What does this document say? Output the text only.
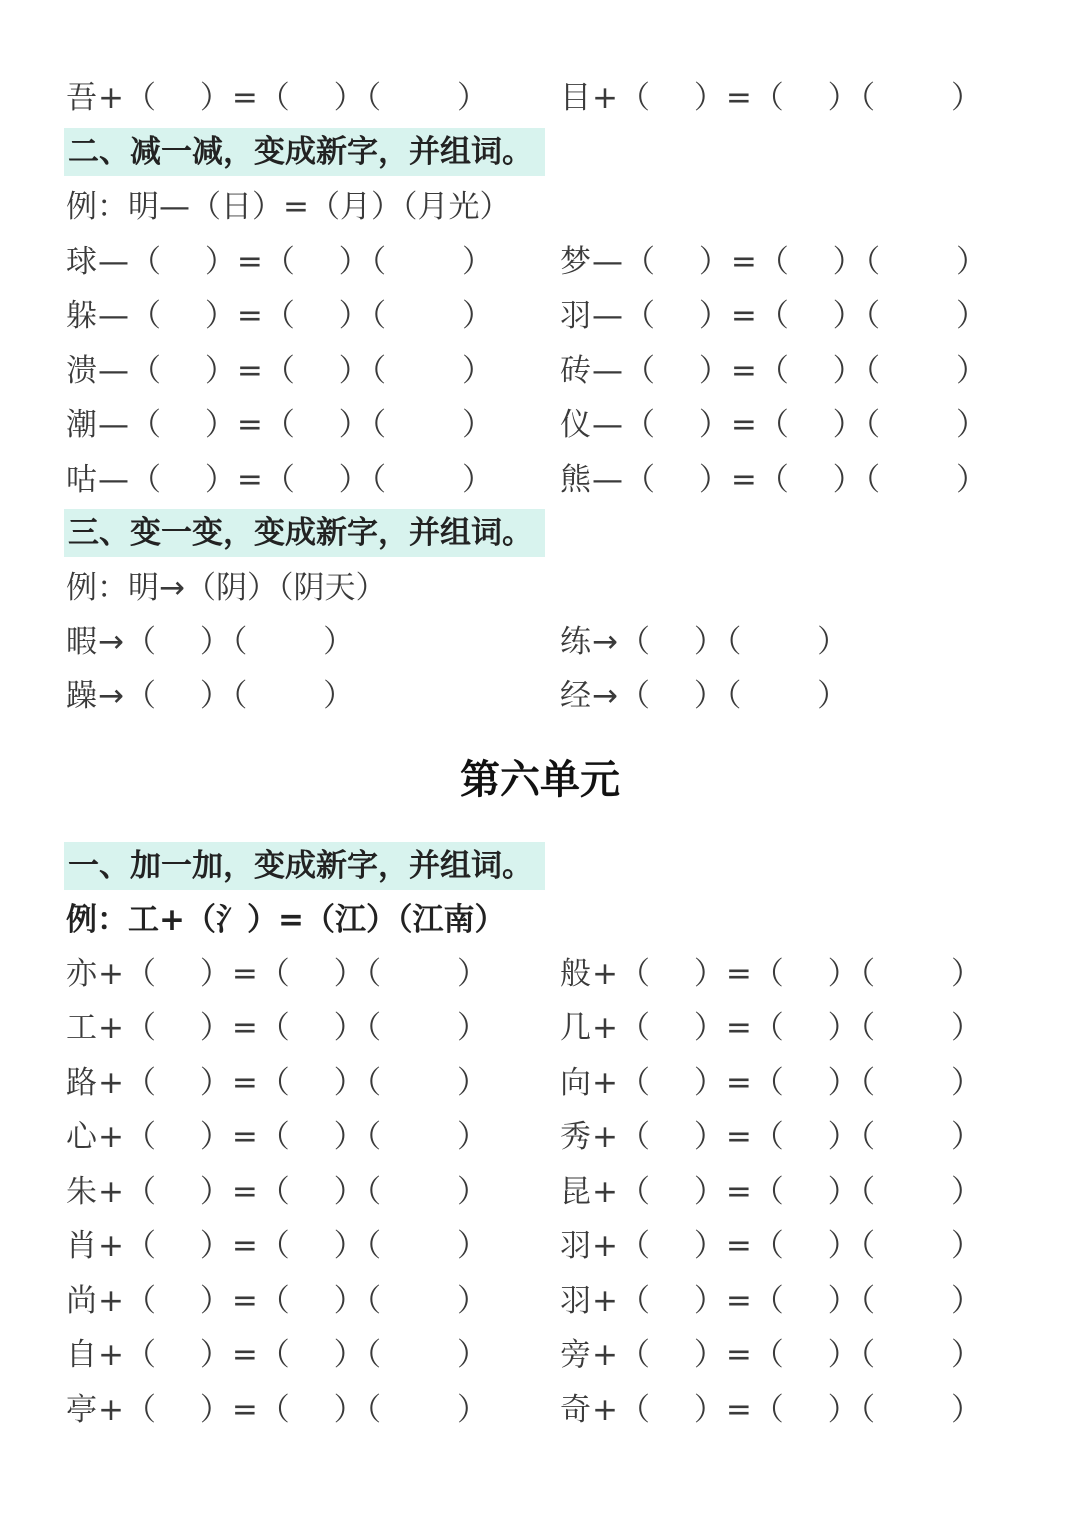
吾+（　 ）=（　 ）（　　 ） 目+（　 ）=（　 ）（　　 ）
二、减一减，变成新字，并组词。
例：明—（日）=（月）（月光）
球—（　 ）=（　 ）（　　 ）
躲—（　 ）=（　 ）（　　 ）
溃—（　 ）=（　 ）（　　 ）
潮—（　 ）=（　 ）（　　 ）
咕—（　 ）=（　 ）（　　 ）
梦—（　 ）=（　 ）（　　 ）
羽—（　 ）=（　 ）（　　 ）
砖—（　 ）=（　 ）（　　 ）
仪—（　 ）=（　 ）（　　 ）
熊—（　 ）=（　 ）（　　 ）
三、变一变，变成新字，并组词。
例：明→（阴）（阴天）
暇→（　 ）（　　 ）
躁→（　 ）（　　 ）
练→（　 ）（　　 ）
经→（　 ）（　　 ）
第六单元
一、加一加，变成新字，并组词。
例：工+（氵）=（江）（江南）
亦+（　 ）=（　 ）（　　 ）
工+（　 ）=（　 ）（　　 ）
路+（　 ）=（　 ）（　　 ）
心+（　 ）=（　 ）（　　 ）
朱+（　 ）=（　 ）（　　 ）
肖+（　 ）=（　 ）（　　 ）
尚+（　 ）=（　 ）（　　 ）
自+（　 ）=（　 ）（　　 ）
亭+（　 ）=（　 ）（　　 ）
般+（　 ）=（　 ）（　　 ）
几+（　 ）=（　 ）（　　 ）
向+（　 ）=（　 ）（　　 ）
秀+（　 ）=（　 ）（　　 ）
昆+（　 ）=（　 ）（　　 ）
羽+（　 ）=（　 ）（　　 ）
羽+（　 ）=（　 ）（　　 ）
旁+（　 ）=（　 ）（　　 ）
奇+（　 ）=（　 ）（　　 ）
